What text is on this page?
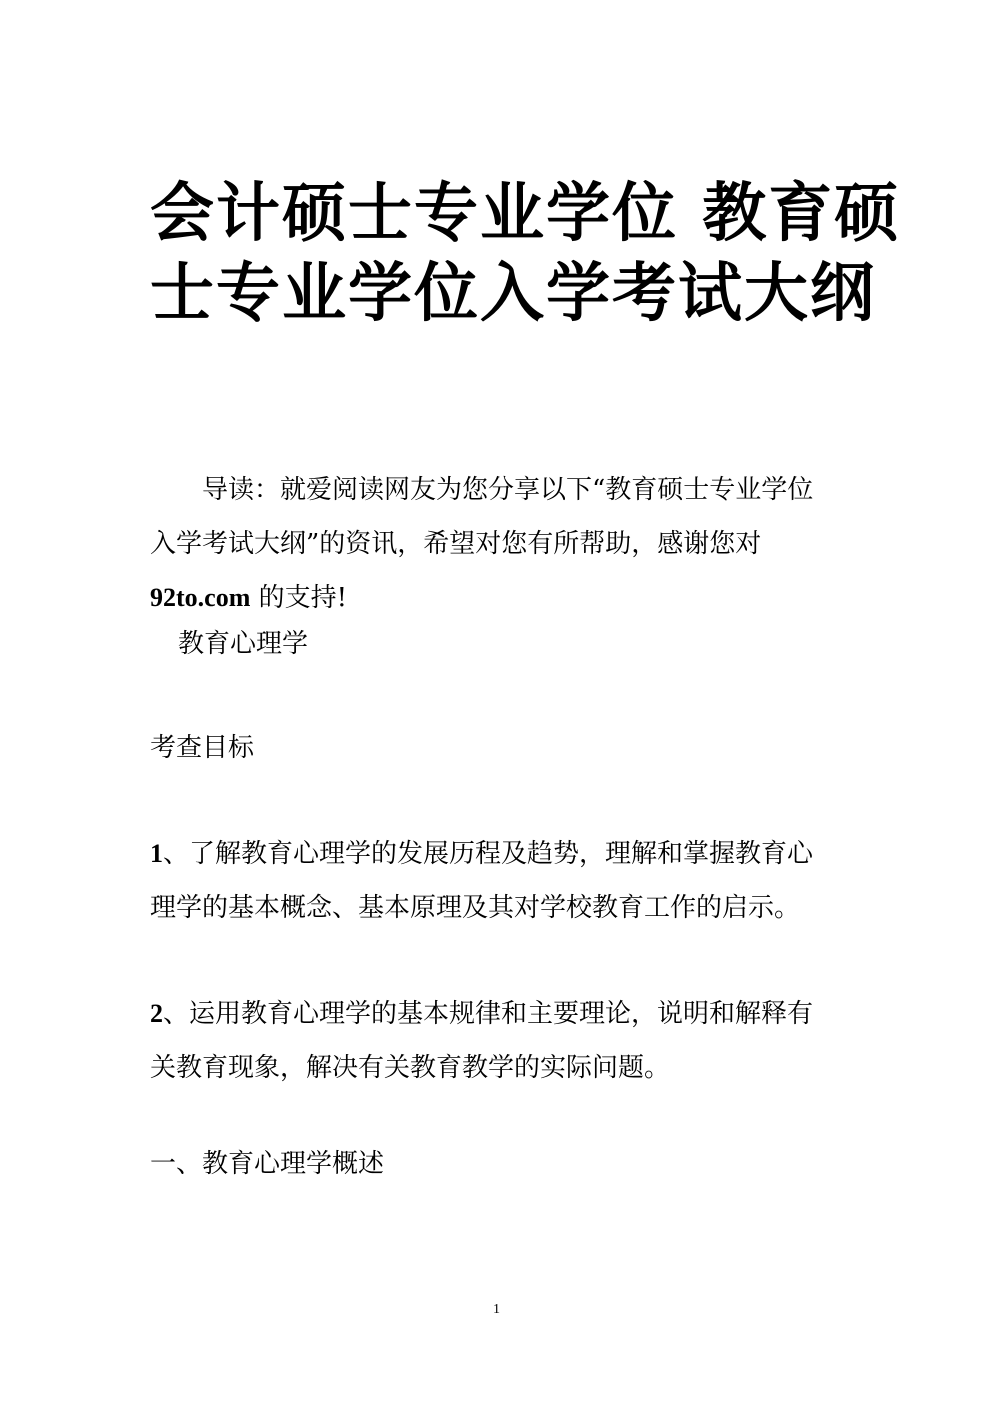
会计硕士专业学位 教育硕
士专业学位入学考试大纲
导读：就爱阅读网友为您分享以下“教育硕士专业学位
入学考试大纲”的资讯，希望对您有所帮助，感谢您对
92to.com 的支持!
教育心理学
考查目标
1、了解教育心理学的发展历程及趋势，理解和掌握教育心
理学的基本概念、基本原理及其对学校教育工作的启示。
2、运用教育心理学的基本规律和主要理论，说明和解释有
关教育现象，解决有关教育教学的实际问题。
一、教育心理学概述
1
